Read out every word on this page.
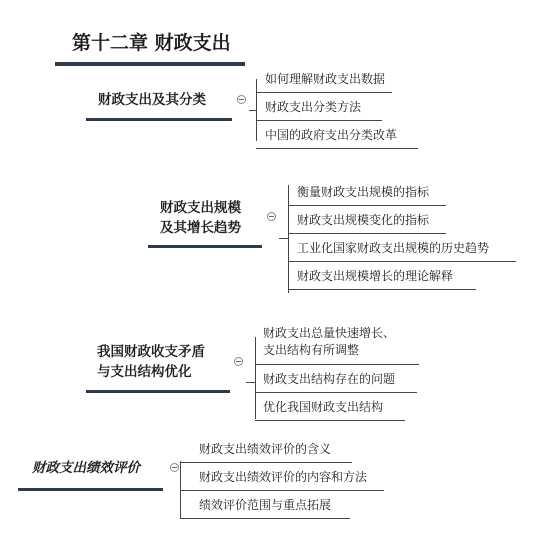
第十二章 财政支出
财政支出及其分类
如何理解财政支出数据
财政支出分类方法
中国的政府支出分类改革
财政支出规模
及其增长趋势
衡量财政支出规模的指标
财政支出规模变化的指标
工业化国家财政支出规模的历史趋势
财政支出规模增长的理论解释
我国财政收支矛盾
与支出结构优化
财政支出总量快速增长、
支出结构有所调整
财政支出结构存在的问题
优化我国财政支出结构
财政支出绩效评价
财政支出绩效评价的含义
财政支出绩效评价的内容和方法
绩效评价范围与重点拓展
